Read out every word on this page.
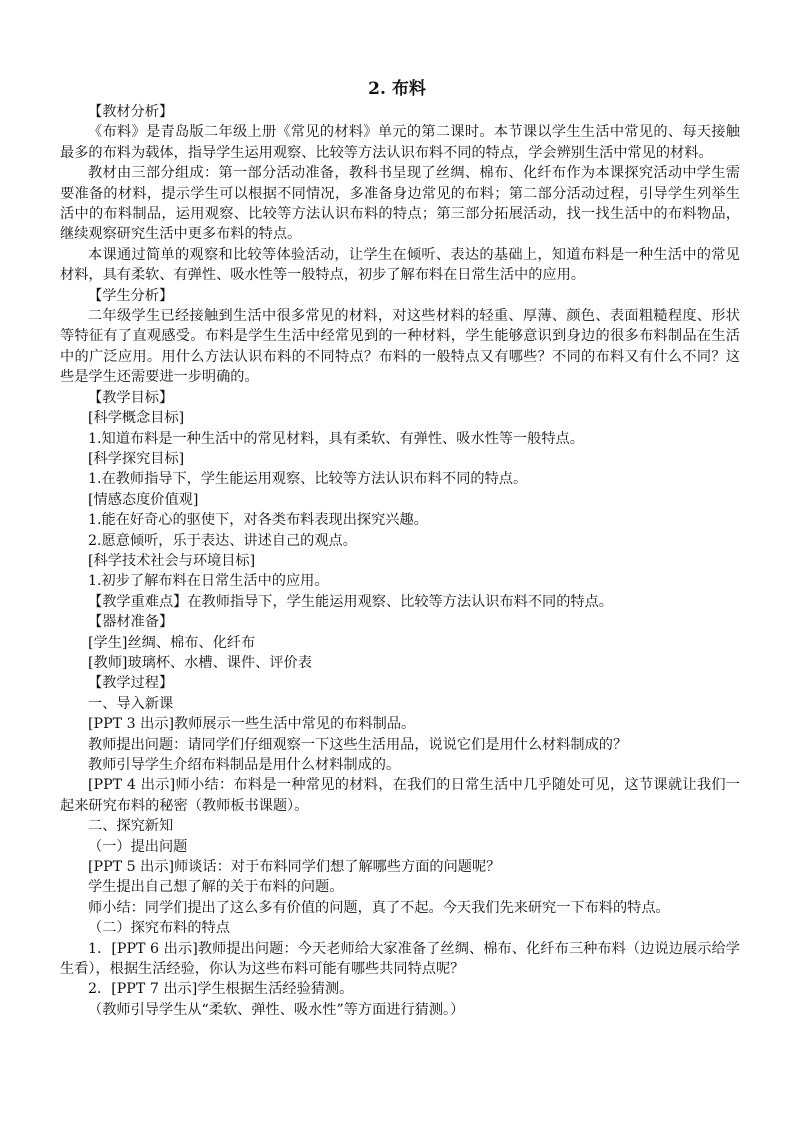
2. 布料

【教材分析】

《布料》是青岛版二年级上册《常见的材料》单元的第二课时。本节课以学生生活中常见的、每天接触最多的布料为载体，指导学生运用观察、比较等方法认识布料不同的特点，学会辨别生活中常见的材料。

教材由三部分组成：第一部分活动准备，教科书呈现了丝绸、棉布、化纤布作为本课探究活动中学生需要准备的材料，提示学生可以根据不同情况，多准备身边常见的布料；第二部分活动过程，引导学生列举生活中的布料制品，运用观察、比较等方法认识布料的特点；第三部分拓展活动，找一找生活中的布料物品，继续观察研究生活中更多布料的特点。

本课通过简单的观察和比较等体验活动，让学生在倾听、表达的基础上，知道布料是一种生活中的常见材料，具有柔软、有弹性、吸水性等一般特点，初步了解布料在日常生活中的应用。

【学生分析】

二年级学生已经接触到生活中很多常见的材料，对这些材料的轻重、厚薄、颜色、表面粗糙程度、形状等特征有了直观感受。布料是学生生活中经常见到的一种材料，学生能够意识到身边的很多布料制品在生活中的广泛应用。用什么方法认识布料的不同特点？布料的一般特点又有哪些？不同的布料又有什么不同？这些是学生还需要进一步明确的。

【教学目标】

[科学概念目标]

1.知道布料是一种生活中的常见材料，具有柔软、有弹性、吸水性等一般特点。

[科学探究目标]

1.在教师指导下，学生能运用观察、比较等方法认识布料不同的特点。

[情感态度价值观]

1.能在好奇心的驱使下，对各类布料表现出探究兴趣。

2.愿意倾听，乐于表达、讲述自己的观点。

[科学技术社会与环境目标]

1.初步了解布料在日常生活中的应用。

【教学重难点】在教师指导下，学生能运用观察、比较等方法认识布料不同的特点。

【器材准备】

[学生]丝绸、棉布、化纤布

[教师]玻璃杯、水槽、课件、评价表

【教学过程】

一、导入新课

[PPT 3 出示]教师展示一些生活中常见的布料制品。

教师提出问题：请同学们仔细观察一下这些生活用品，说说它们是用什么材料制成的？

教师引导学生介绍布料制品是用什么材料制成的。

[PPT 4 出示]师小结：布料是一种常见的材料，在我们的日常生活中几乎随处可见，这节课就让我们一起来研究布料的秘密（教师板书课题）。

二、探究新知

（一）提出问题

[PPT 5 出示]师谈话：对于布料同学们想了解哪些方面的问题呢？

学生提出自己想了解的关于布料的问题。

师小结：同学们提出了这么多有价值的问题，真了不起。今天我们先来研究一下布料的特点。

（二）探究布料的特点

1．[PPT 6 出示]教师提出问题：今天老师给大家准备了丝绸、棉布、化纤布三种布料（边说边展示给学生看），根据生活经验，你认为这些布料可能有哪些共同特点呢？

2．[PPT 7 出示]学生根据生活经验猜测。

（教师引导学生从“柔软、弹性、吸水性”等方面进行猜测。）
